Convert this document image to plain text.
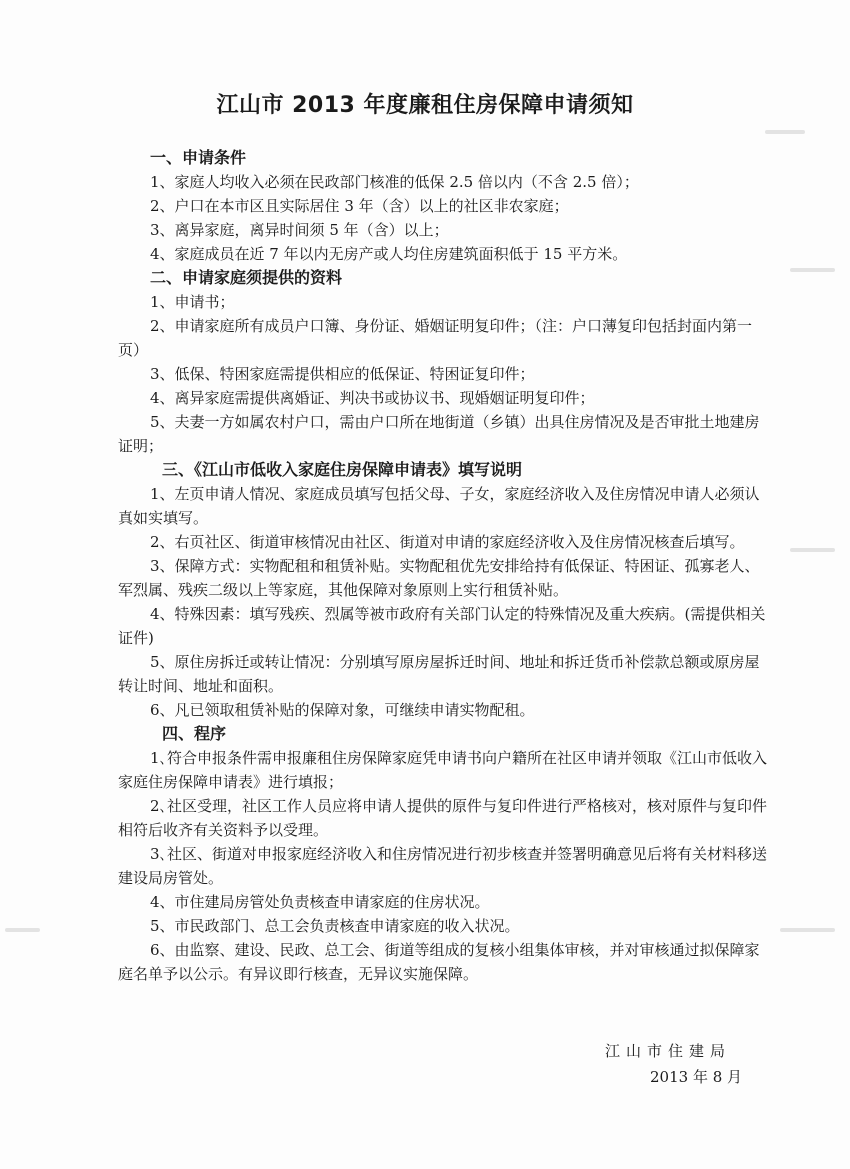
江山市 2013 年度廉租住房保障申请须知
一、申请条件
1、家庭人均收入必须在民政部门核准的低保 2.5 倍以内（不含 2.5 倍）；
2、户口在本市区且实际居住 3 年（含）以上的社区非农家庭；
3、离异家庭，离异时间须 5 年（含）以上；
4、家庭成员在近 7 年以内无房产或人均住房建筑面积低于 15 平方米。
二、申请家庭须提供的资料
1、申请书；
2、申请家庭所有成员户口簿、身份证、婚姻证明复印件；（注：户口薄复印包括封面内第一页）
3、低保、特困家庭需提供相应的低保证、特困证复印件；
4、离异家庭需提供离婚证、判决书或协议书、现婚姻证明复印件；
5、夫妻一方如属农村户口，需由户口所在地街道（乡镇）出具住房情况及是否审批土地建房证明；
三、《江山市低收入家庭住房保障申请表》填写说明
1、左页申请人情况、家庭成员填写包括父母、子女，家庭经济收入及住房情况申请人必须认真如实填写。
2、右页社区、街道审核情况由社区、街道对申请的家庭经济收入及住房情况核查后填写。
3、保障方式：实物配租和租赁补贴。实物配租优先安排给持有低保证、特困证、孤寡老人、军烈属、残疾二级以上等家庭，其他保障对象原则上实行租赁补贴。
4、特殊因素：填写残疾、烈属等被市政府有关部门认定的特殊情况及重大疾病。(需提供相关证件)
5、原住房拆迁或转让情况：分别填写原房屋拆迁时间、地址和拆迁货币补偿款总额或原房屋转让时间、地址和面积。
6、凡已领取租赁补贴的保障对象，可继续申请实物配租。
四、程序
1､符合申报条件需申报廉租住房保障家庭凭申请书向户籍所在社区申请并领取《江山市低收入家庭住房保障申请表》进行填报；
2､社区受理，社区工作人员应将申请人提供的原件与复印件进行严格核对，核对原件与复印件相符后收齐有关资料予以受理。
3､社区、街道对申报家庭经济收入和住房情况进行初步核查并签署明确意见后将有关材料移送建设局房管处。
4、市住建局房管处负责核查申请家庭的住房状况。
5、市民政部门、总工会负责核查申请家庭的收入状况。
6、由监察、建设、民政、总工会、街道等组成的复核小组集体审核，并对审核通过拟保障家庭名单予以公示。有异议即行核查，无异议实施保障。
江山市住建局
2013 年 8 月
